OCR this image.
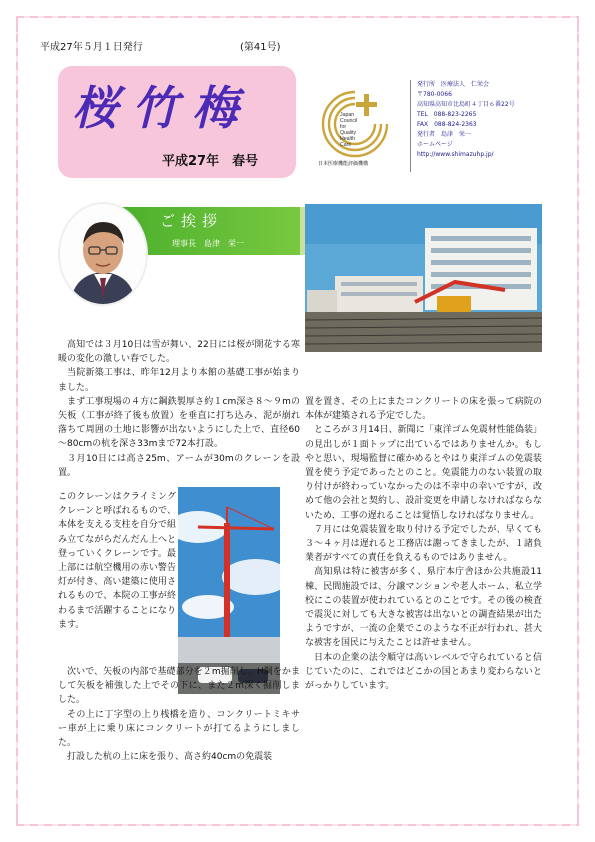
平成27年５月１日発行	(第41号)
桜竹梅
平成27年　春号
Japan
Council
for
Quality
Health
Care
日本医療機能評価機構
発行所　医療法人　仁栄会
〒780-0066
高知県高知市比島町４丁目６番22号
TEL　088-823-2265
FAX　088-824-2363
発行者　島津　栄一
ホームページ
http://www.shimazuhp.jp/
ご挨拶
理事長　島津　栄一

高知では３月10日は雪が舞い、22日には桜が開花する寒暖の変化の激しい春でした。

当院新築工事は、昨年12月より本館の基礎工事が始まりました。

まず工事現場の４方に鋼鉄製厚さ約１cm深さ８～９mの矢板（工事が終了後も放置）を垂直に打ち込み、泥が崩れ落ちて周囲の土地に影響が出ないようにした上で、直径60～80cmの杭を深さ33mまで72本打設。

３月10日には高さ25m、アームが30mのクレーンを設置。

このクレーンはクライミングクレーンと呼ばれるもので、本体を支える支柱を自分で組み立てながらだんだん上へと登っていくクレーンです。最上部には航空機用の赤い警告灯が付き、高い建築に使用されるもので、本院の工事が終わるまで活躍することになります。

次いで、矢板の内部で基礎部分を２m掘削し、H鋼をかまして矢板を補強した上でその下に、また２m深く掘削しました。

その上に丁字型の上り桟橋を造り、コンクリートミキサー車が上に乗り床にコンクリートが打てるようにしました。

打設した杭の上に床を張り、高さ約40cmの免震装

置を置き、その上にまたコンクリートの床を張って病院の本体が建築される予定でした。

ところが３月14日、新聞に「東洋ゴム免震材性能偽装」の見出しが１面トップに出ているではありませんか。もしやと思い、現場監督に確かめるとやはり東洋ゴムの免震装置を使う予定であったとのこと。免震能力のない装置の取り付けが終わっていなかったのは不幸中の幸いですが、改めて他の会社と契約し、設計変更を申請しなければならないため、工事の遅れることは覚悟しなければなりません。

７月には免震装置を取り付ける予定でしたが、早くても３～４ヶ月は遅れると工務店は謝ってきましたが、１諸負業者がすべての責任を負えるものではありません。

高知県は特に被害が多く、県庁本庁舎ほか公共施設11棟、民間施設では、分譲マンションや老人ホーム、私立学校にこの装置が使われているとのことです。その後の検査で震災に対しても大きな被害は出ないとの調査結果が出たようですが、一流の企業でこのような不正が行われ、甚大な被害を国民に与えたことは許せません。

日本の企業の法令順守は高いレベルで守られていると信じていたのに、これではどこかの国とあまり変わらないとがっかりしています。
